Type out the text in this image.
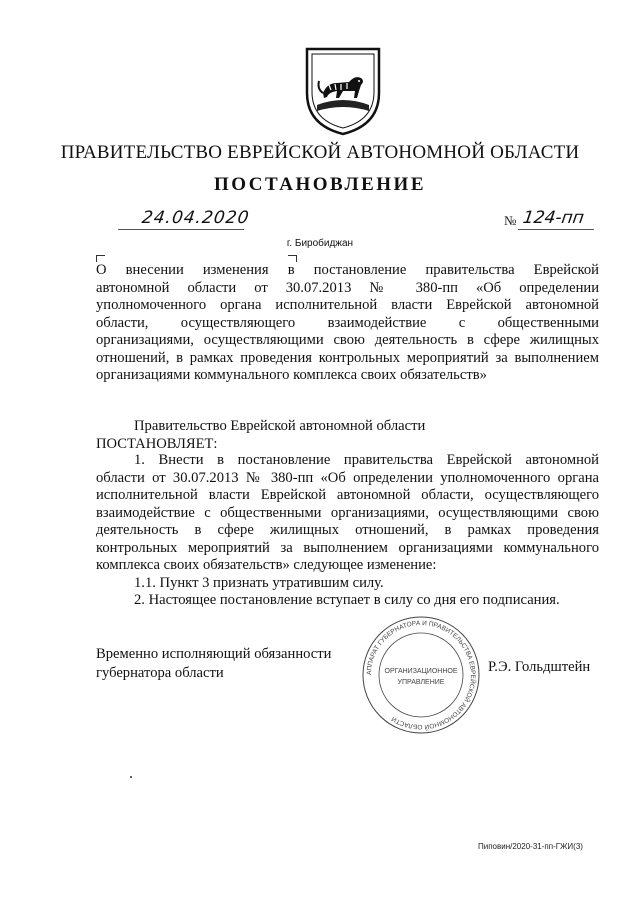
ПРАВИТЕЛЬСТВО ЕВРЕЙСКОЙ АВТОНОМНОЙ ОБЛАСТИ
ПОСТАНОВЛЕНИЕ
24.04.2020	№ 124-пп
г. Биробиджан
О внесении изменения в постановление правительства Еврейской
автономной области от 30.07.2013 № 380-пп «Об определении
уполномоченного органа исполнительной власти Еврейской автономной
области, осуществляющего взаимодействие с общественными
организациями, осуществляющими свою деятельность в сфере жилищных
отношений, в рамках проведения контрольных мероприятий за выполнением
организациями коммунального комплекса своих обязательств»
Правительство Еврейской автономной области
ПОСТАНОВЛЯЕТ:
1. Внести в постановление правительства Еврейской автономной
области от 30.07.2013 № 380-пп «Об определении уполномоченного органа
исполнительной власти Еврейской автономной области, осуществляющего
взаимодействие с общественными организациями, осуществляющими свою
деятельность в сфере жилищных отношений, в рамках проведения
контрольных мероприятий за выполнением организациями коммунального
комплекса своих обязательств» следующее изменение:
1.1. Пункт 3 признать утратившим силу.
2. Настоящее постановление вступает в силу со дня его подписания.
Временно исполняющий обязанности
губернатора области	Р.Э. Гольдштейн
АППАРАТ ГУБЕРНАТОРА И ПРАВИТЕЛЬСТВА ЕВРЕЙСКОЙ АВТОНОМНОЙ ОБЛАСТИ
ОРГАНИЗАЦИОННОЕ
УПРАВЛЕНИЕ
Пиповин/2020-31-пп-ГЖИ(3)
